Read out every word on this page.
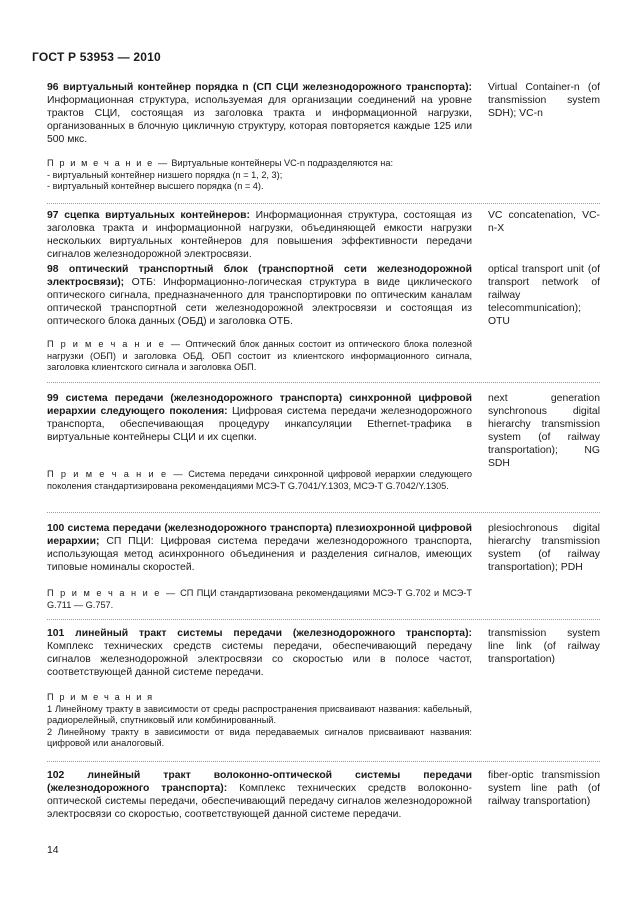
ГОСТ Р 53953 — 2010
96 виртуальный контейнер порядка n (СП СЦИ железнодорожного транспорта): Информационная структура, используемая для организации соединений на уровне трактов СЦИ, состоящая из заголовка тракта и информационной нагрузки, организованных в блочную цикличную структуру, которая повторяется каждые 125 или 500 мкс.
Virtual Container-n (of transmission system SDH); VC-n
П р и м е ч а н и е — Виртуальные контейнеры VC-n подразделяются на:
- виртуальный контейнер низшего порядка (n = 1, 2, 3);
- виртуальный контейнер высшего порядка (n = 4).
97 сцепка виртуальных контейнеров: Информационная структура, состоящая из заголовка тракта и информационной нагрузки, объединяющей емкости нагрузки нескольких виртуальных контейнеров для повышения эффективности передачи сигналов железнодорожной электросвязи.
VC concatenation, VC-n-X
98 оптический транспортный блок (транспортной сети железнодорожной электросвязи); ОТБ: Информационно-логическая структура в виде циклического оптического сигнала, предназначенного для транспортировки по оптическим каналам оптической транспортной сети железнодорожной электросвязи и состоящая из оптического блока данных (ОБД) и заголовка ОТБ.
optical transport unit (of transport network of railway telecommunication); OTU
П р и м е ч а н и е — Оптический блок данных состоит из оптического блока полезной нагрузки (ОБП) и заголовка ОБД. ОБП состоит из клиентского информационного сигнала, заголовка клиентского сигнала и заголовка ОБП.
99 система передачи (железнодорожного транспорта) синхронной цифровой иерархии следующего поколения: Цифровая система передачи железнодорожного транспорта, обеспечивающая процедуру инкапсуляции Ethernet-трафика в виртуальные контейнеры СЦИ и их сцепки.
next generation synchronous digital hierarchy transmission system (of railway transportation); NG SDH
П р и м е ч а н и е — Система передачи синхронной цифровой иерархии следующего поколения стандартизирована рекомендациями МСЭ-Т G.7041/Y.1303, МСЭ-Т G.7042/Y.1305.
100 система передачи (железнодорожного транспорта) плезиохронной цифровой иерархии; СП ПЦИ: Цифровая система передачи железнодорожного транспорта, использующая метод асинхронного объединения и разделения сигналов, имеющих типовые номиналы скоростей.
plesiochronous digital hierarchy transmission system (of railway transportation); PDH
П р и м е ч а н и е — СП ПЦИ стандартизована рекомендациями МСЭ-Т G.702 и МСЭ-Т G.711 — G.757.
101 линейный тракт системы передачи (железнодорожного транспорта): Комплекс технических средств системы передачи, обеспечивающий передачу сигналов железнодорожной электросвязи со скоростью или в полосе частот, соответствующей данной системе передачи.
transmission system line link (of railway transportation)
П р и м е ч а н и я
1 Линейному тракту в зависимости от среды распространения присваивают названия: кабельный, радиорелейный, спутниковый или комбинированный.
2 Линейному тракту в зависимости от вида передаваемых сигналов присваивают названия: цифровой или аналоговый.
102 линейный тракт волоконно-оптической системы передачи (железнодорожного транспорта): Комплекс технических средств волоконно-оптической системы передачи, обеспечивающий передачу сигналов железнодорожной электросвязи со скоростью, соответствующей данной системе передачи.
fiber-optic transmission system line path (of railway transportation)
14
